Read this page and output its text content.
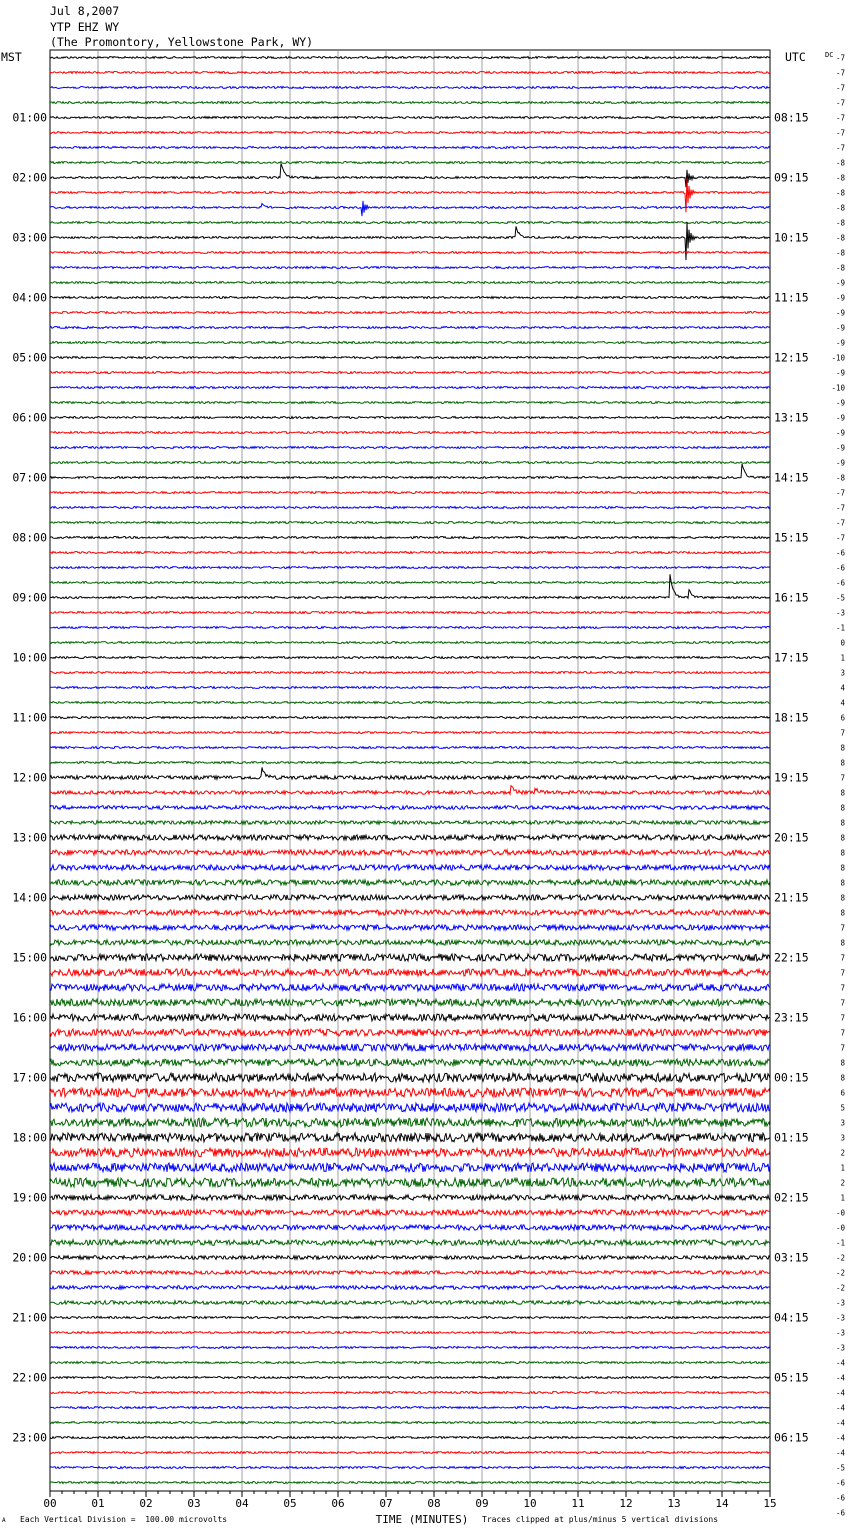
Jul 8,2007
YTP EHZ WY
(The Promontory, Yellowstone Park, WY)
MST	UTC
00	01	02	03	04	05	06	07	08	09	10	11	12	13	14	15
01:00	08:15
02:00	09:15
03:00	10:15
04:00	11:15
05:00	12:15
06:00	13:15
07:00	14:15
08:00	15:15
09:00	16:15
10:00	17:15
11:00	18:15
12:00	19:15
13:00	20:15
14:00	21:15
15:00	22:15
16:00	23:15
17:00	00:15
18:00	01:15
19:00	02:15
20:00	03:15
21:00	04:15
22:00	05:15
23:00	06:15
-7
-7
-7
-7
-7
-7
-7
-8
-8
-8
-8
-8
-8
-8
-8
-9
-9
-9
-9
-9
-10
-9
-10
-9
-9
-9
-9
-9
-8
-7
-7
-7
-7
-6
-6
-6
-5
-3
-1
0
1
3
4
4
6
7
8
8
7
8
8
8
8
8
8
8
8
8
7
8
7
7
7
7
7
7
7
8
8
6
5
3
3
2
1
2
1
-0
-0
-1
-2
-2
-2
-3
-3
-3
-3
-4
-4
-4
-4
-4
-4
-4
-5
-6
-6
-6
DC
TIME (MINUTES)
A Each Vertical Division =  100.00 microvolts	Traces clipped at plus/minus 5 vertical divisions
